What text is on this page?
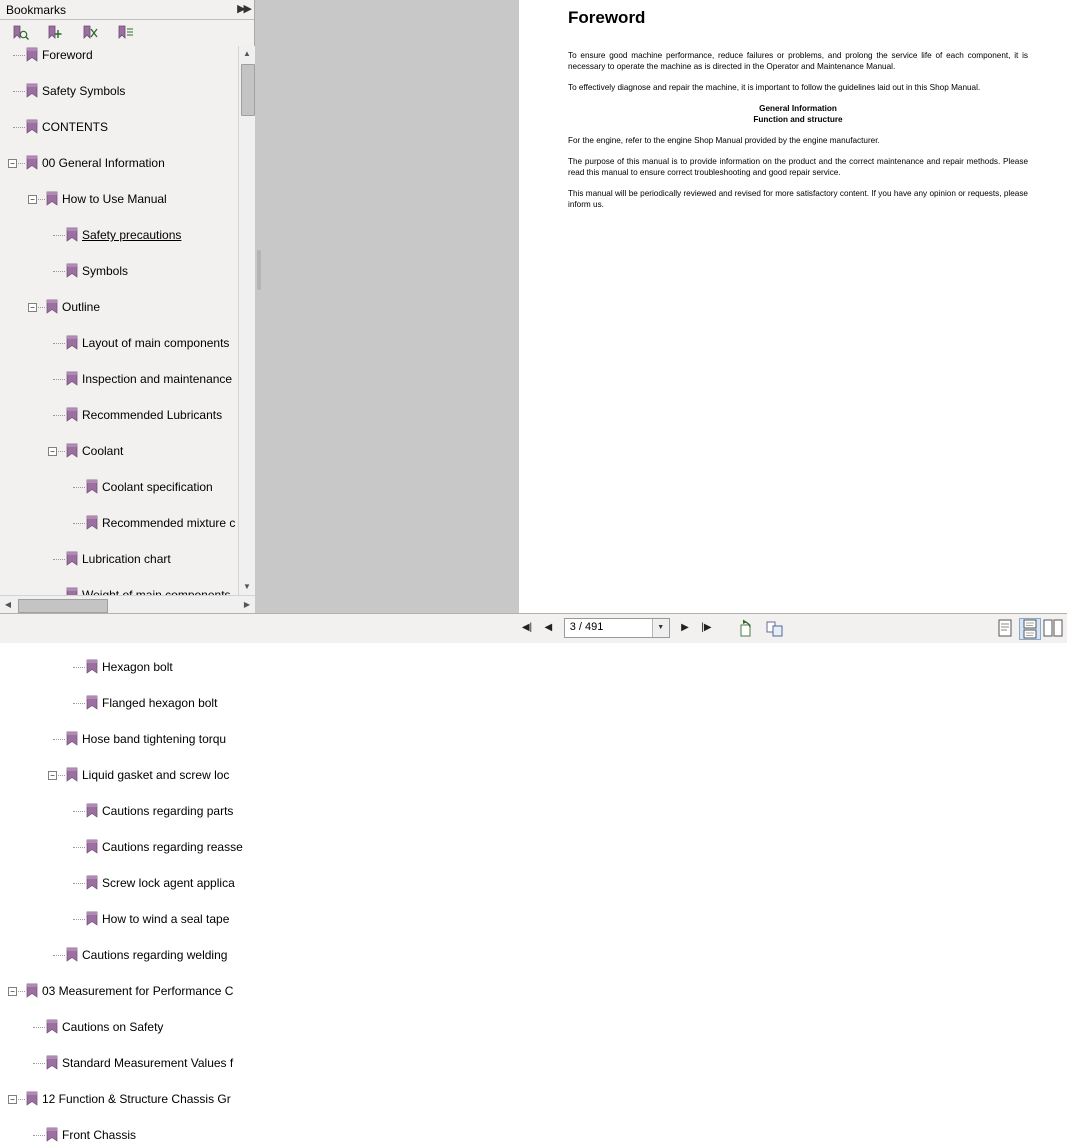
Bookmarks	▶▶
Foreword
Safety Symbols
CONTENTS
− 00 General Information
− How to Use Manual
Safety precautions
Symbols
− Outline
Layout of main components
Inspection and maintenance
Recommended Lubricants
− Coolant
Coolant specification
Recommended mixture c
Lubrication chart
Hexagon bolt
Flanged hexagon bolt
Hose band tightening torqu
− Liquid gasket and screw loc
Cautions regarding parts
Cautions regarding reasse
Screw lock agent applica
How to wind a seal tape
Cautions regarding welding
− 03 Measurement for Performance C
Cautions on Safety
Standard Measurement Values f
− 12 Function & Structure Chassis Gr
Front Chassis
▲
▼
◀	▶
Foreword

To ensure good machine performance, reduce failures or problems, and prolong the service life of each component, it is necessary to operate the machine as is directed in the Operator and Maintenance Manual.

To effectively diagnose and repair the machine, it is important to follow the guidelines laid out in this Shop Manual.

General Information
Function and structure

For the engine, refer to the engine Shop Manual provided by the engine manufacturer.

The purpose of this manual is to provide information on the product and the correct maintenance and repair methods. Please read this manual to ensure correct troubleshooting and good repair service.

This manual will be periodically reviewed and revised for more satisfactory content. If you have any opinion or requests, please inform us.

◀| ◀ 3 / 491	▼	▶ |▶
